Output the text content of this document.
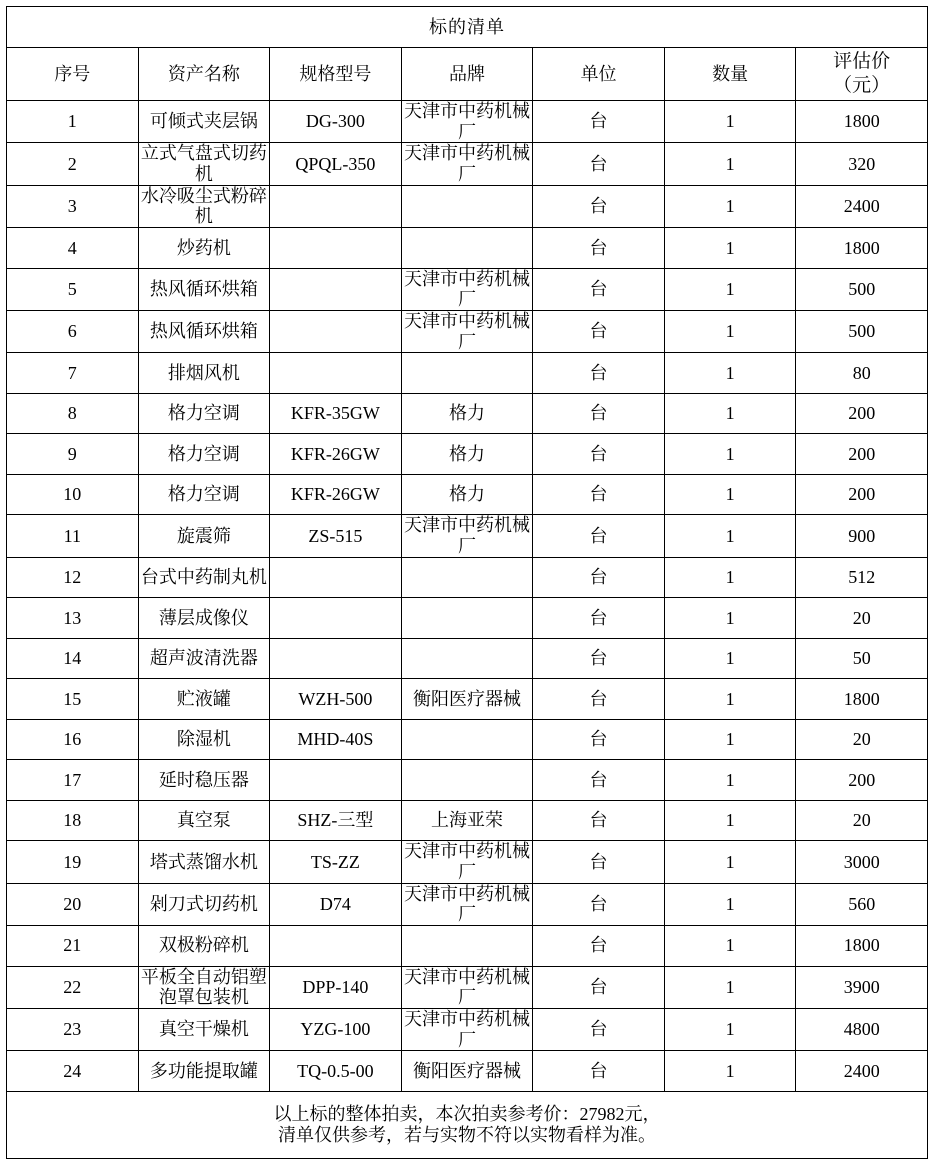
标的清单						
序号	资产名称	规格型号	品牌	单位	数量	评估价
（元）
1	可倾式夹层锅	DG-300	天津市中药机械厂	台	1	1800
2	立式气盘式切药机	QPQL-350	天津市中药机械厂	台	1	320
3	水冷吸尘式粉碎机			台	1	2400
4	炒药机			台	1	1800
5	热风循环烘箱		天津市中药机械厂	台	1	500
6	热风循环烘箱		天津市中药机械厂	台	1	500
7	排烟风机			台	1	80
8	格力空调	KFR-35GW	格力	台	1	200
9	格力空调	KFR-26GW	格力	台	1	200
10	格力空调	KFR-26GW	格力	台	1	200
11	旋震筛	ZS-515	天津市中药机械厂	台	1	900
12	台式中药制丸机			台	1	512
13	薄层成像仪			台	1	20
14	超声波清洗器			台	1	50
15	贮液罐	WZH-500	衡阳医疗器械	台	1	1800
16	除湿机	MHD-40S		台	1	20
17	延时稳压器			台	1	200
18	真空泵	SHZ-三型	上海亚荣	台	1	20
19	塔式蒸馏水机	TS-ZZ	天津市中药机械厂	台	1	3000
20	剁刀式切药机	D74	天津市中药机械厂	台	1	560
21	双极粉碎机			台	1	1800
22	平板全自动铝塑泡罩包装机	DPP-140	天津市中药机械厂	台	1	3900
23	真空干燥机	YZG-100	天津市中药机械厂	台	1	4800
24	多功能提取罐	TQ-0.5-00	衡阳医疗器械	台	1	2400

以上标的整体拍卖，本次拍卖参考价：27982元，
清单仅供参考，若与实物不符以实物看样为准。						
